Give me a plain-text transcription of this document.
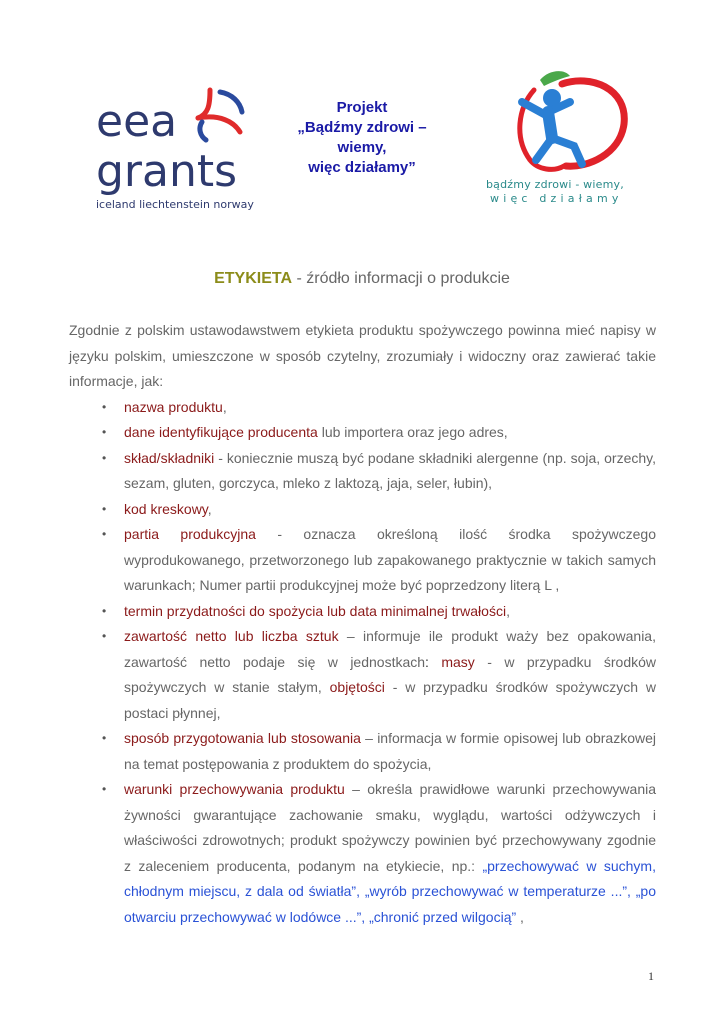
eea
grants
iceland liechtenstein norway
Projekt
„Bądźmy zdrowi –
wiemy,
więc działamy”
bądźmy zdrowi - wiemy,
więc działamy
ETYKIETA - źródło informacji o produkcie

Zgodnie z polskim ustawodawstwem etykieta produktu spożywczego powinna mieć napisy w języku polskim, umieszczone w sposób czytelny, zrozumiały i widoczny oraz zawierać takie informacje, jak:

• nazwa produktu,
• dane identyfikujące producenta lub importera oraz jego adres,
• skład/składniki - koniecznie muszą być podane składniki alergenne (np. soja, orzechy, sezam, gluten, gorczyca, mleko z laktozą, jaja, seler, łubin),
• kod kreskowy,
• partia produkcyjna - oznacza określoną ilość środka spożywczego wyprodukowanego, przetworzonego lub zapakowanego praktycznie w takich samych warunkach; Numer partii produkcyjnej może być poprzedzony literą L ,
• termin przydatności do spożycia lub data minimalnej trwałości,
• zawartość netto lub liczba sztuk – informuje ile produkt waży bez opakowania, zawartość netto podaje się w jednostkach: masy - w przypadku środków spożywczych w stanie stałym, objętości - w przypadku środków spożywczych w postaci płynnej,
• sposób przygotowania lub stosowania – informacja w formie opisowej lub obrazkowej na temat postępowania z produktem do spożycia,
• warunki przechowywania produktu – określa prawidłowe warunki przechowywania żywności gwarantujące zachowanie smaku, wyglądu, wartości odżywczych i właściwości zdrowotnych; produkt spożywczy powinien być przechowywany zgodnie z zaleceniem producenta, podanym na etykiecie, np.: „przechowywać w suchym, chłodnym miejscu, z dala od światła”, „wyrób przechowywać w temperaturze ...”, „po otwarciu przechowywać w lodówce ...”, „chronić przed wilgocią” ,
1
